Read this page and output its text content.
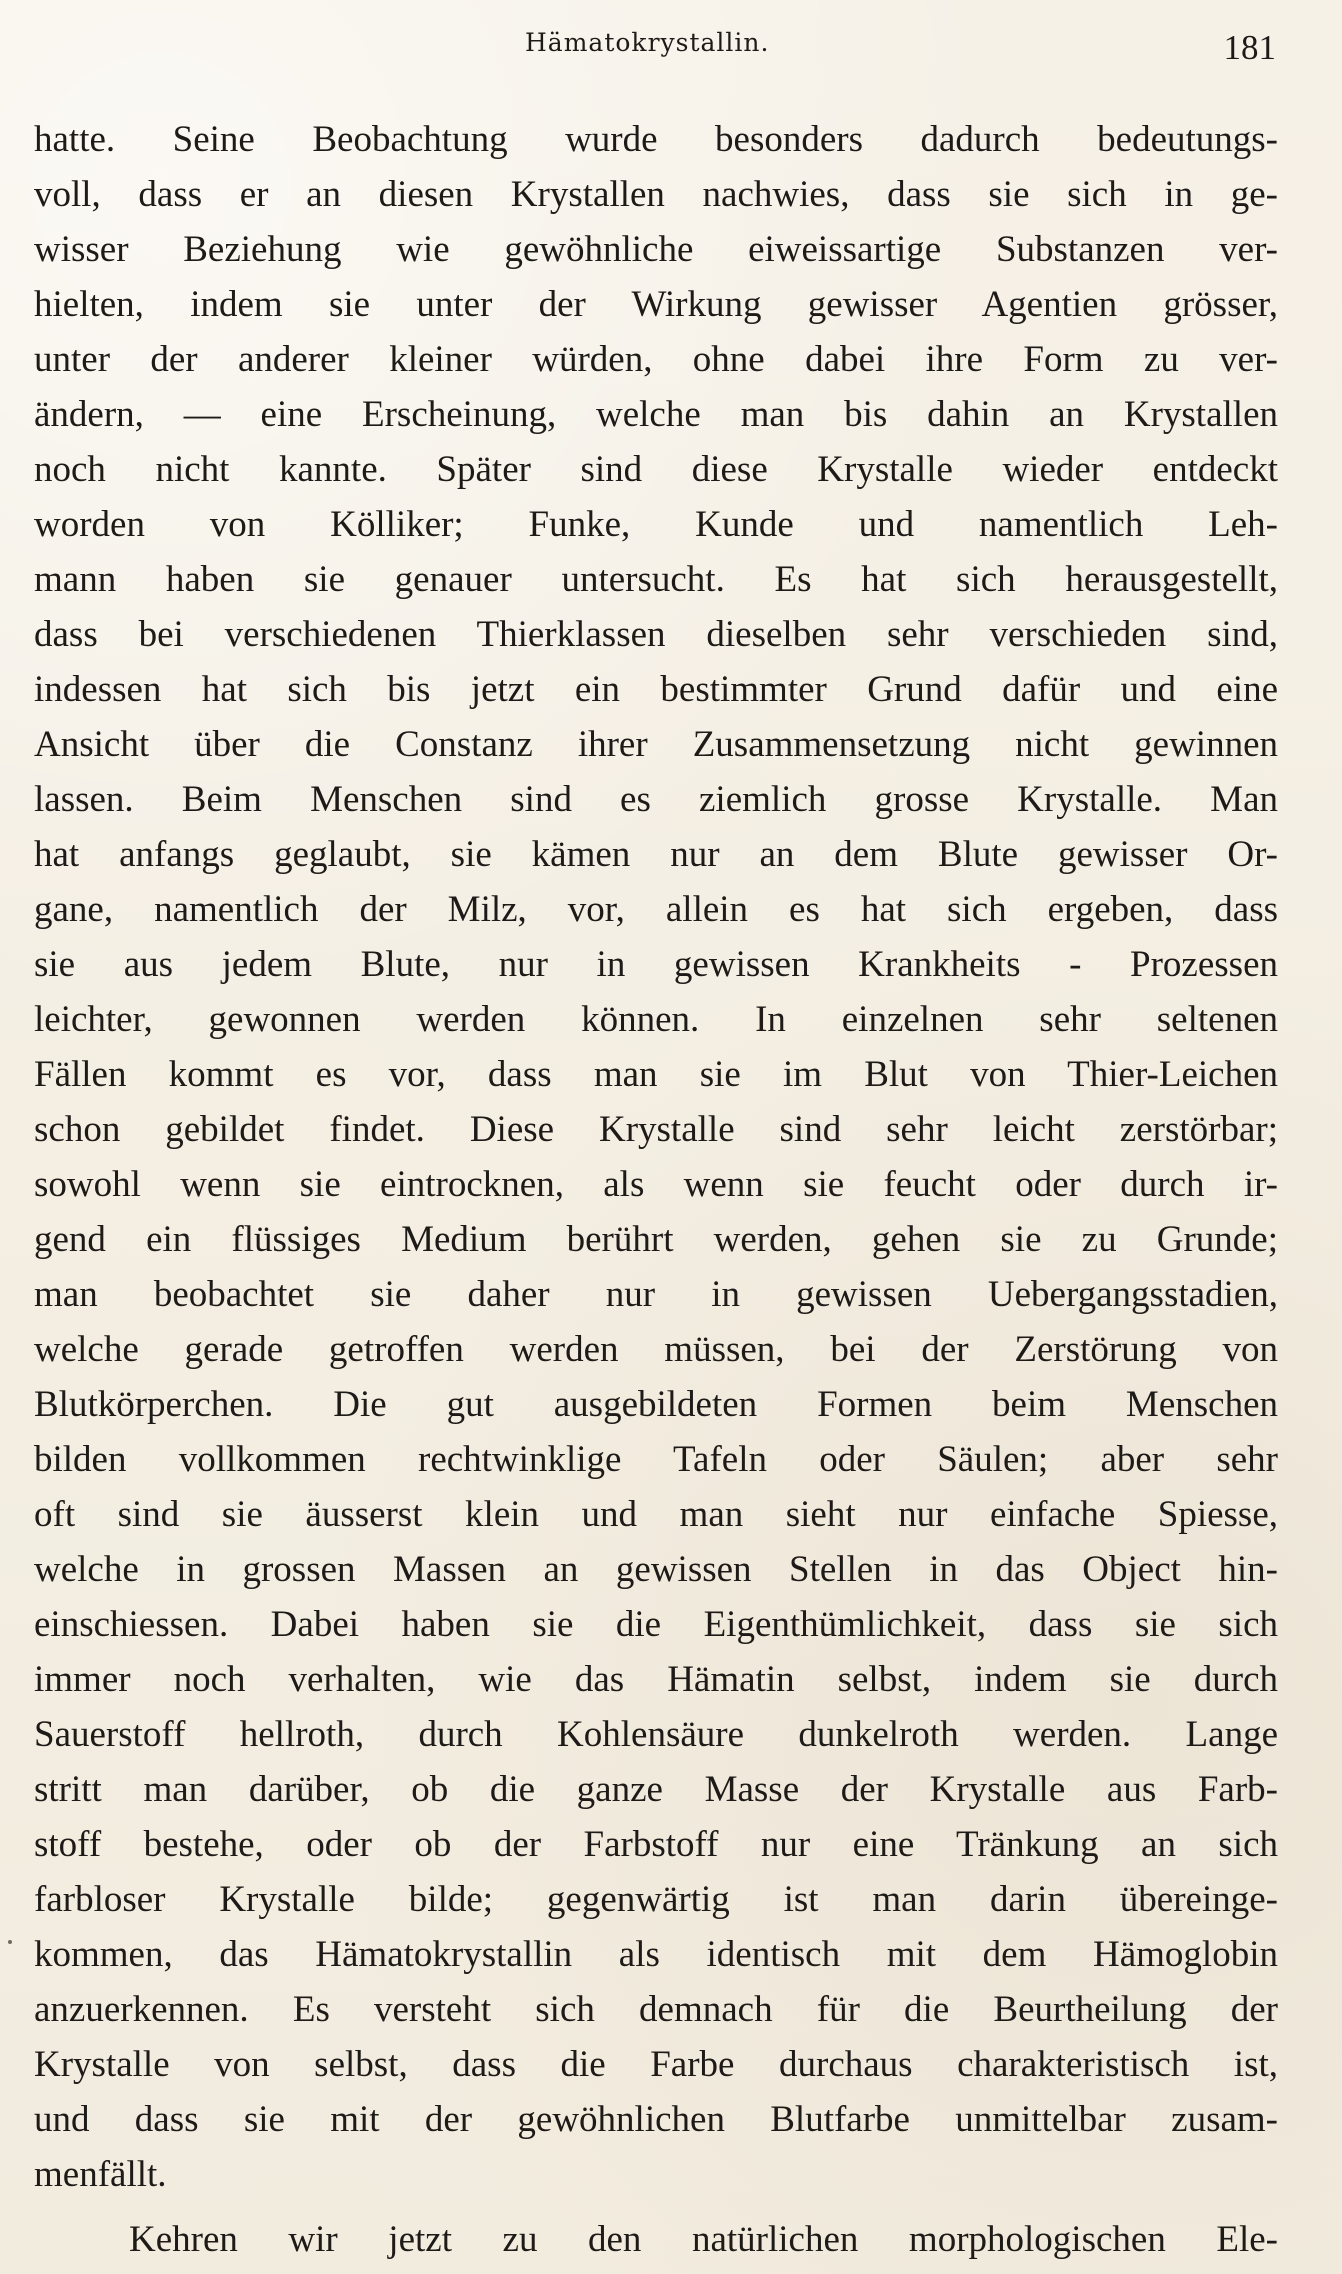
Hämatokrystallin.	181
hatte. Seine Beobachtung wurde besonders dadurch bedeutungs-
voll, dass er an diesen Krystallen nachwies, dass sie sich in ge-
wisser Beziehung wie gewöhnliche eiweissartige Substanzen ver-
hielten, indem sie unter der Wirkung gewisser Agentien grösser,
unter der anderer kleiner würden, ohne dabei ihre Form zu ver-
ändern, — eine Erscheinung, welche man bis dahin an Krystallen
noch nicht kannte. Später sind diese Krystalle wieder entdeckt
worden von Kölliker; Funke, Kunde und namentlich Leh-
mann haben sie genauer untersucht. Es hat sich herausgestellt,
dass bei verschiedenen Thierklassen dieselben sehr verschieden sind,
indessen hat sich bis jetzt ein bestimmter Grund dafür und eine
Ansicht über die Constanz ihrer Zusammensetzung nicht gewinnen
lassen. Beim Menschen sind es ziemlich grosse Krystalle. Man
hat anfangs geglaubt, sie kämen nur an dem Blute gewisser Or-
gane, namentlich der Milz, vor, allein es hat sich ergeben, dass
sie aus jedem Blute, nur in gewissen Krankheits - Prozessen
leichter, gewonnen werden können. In einzelnen sehr seltenen
Fällen kommt es vor, dass man sie im Blut von Thier-Leichen
schon gebildet findet. Diese Krystalle sind sehr leicht zerstörbar;
sowohl wenn sie eintrocknen, als wenn sie feucht oder durch ir-
gend ein flüssiges Medium berührt werden, gehen sie zu Grunde;
man beobachtet sie daher nur in gewissen Uebergangsstadien,
welche gerade getroffen werden müssen, bei der Zerstörung von
Blutkörperchen. Die gut ausgebildeten Formen beim Menschen
bilden vollkommen rechtwinklige Tafeln oder Säulen; aber sehr
oft sind sie äusserst klein und man sieht nur einfache Spiesse,
welche in grossen Massen an gewissen Stellen in das Object hin-
einschiessen. Dabei haben sie die Eigenthümlichkeit, dass sie sich
immer noch verhalten, wie das Hämatin selbst, indem sie durch
Sauerstoff hellroth, durch Kohlensäure dunkelroth werden. Lange
stritt man darüber, ob die ganze Masse der Krystalle aus Farb-
stoff bestehe, oder ob der Farbstoff nur eine Tränkung an sich
farbloser Krystalle bilde; gegenwärtig ist man darin übereinge-
kommen, das Hämatokrystallin als identisch mit dem Hämoglobin
anzuerkennen. Es versteht sich demnach für die Beurtheilung der
Krystalle von selbst, dass die Farbe durchaus charakteristisch ist,
und dass sie mit der gewöhnlichen Blutfarbe unmittelbar zusam-
menfällt.
Kehren wir jetzt zu den natürlichen morphologischen Ele-
